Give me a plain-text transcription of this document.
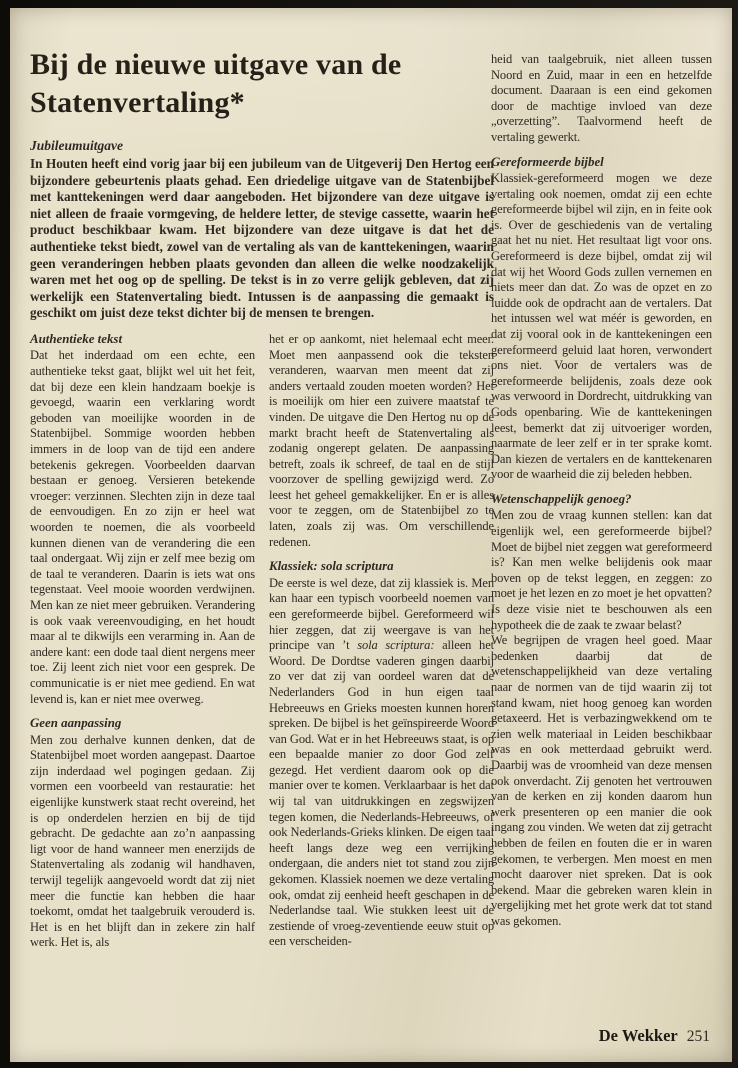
Bij de nieuwe uitgave van de Statenvertaling*
Jubileumuitgave

In Houten heeft eind vorig jaar bij een jubileum van de Uitgeverij Den Hertog een bijzondere gebeurtenis plaats gehad. Een driedelige uitgave van de Statenbijbel met kanttekeningen werd daar aangeboden. Het bijzondere van deze uitgave is niet alleen de fraaie vormgeving, de heldere letter, de stevige cassette, waarin het product beschikbaar kwam. Het bijzondere van deze uitgave is dat het de authentieke tekst biedt, zowel van de vertaling als van de kanttekeningen, waarin geen veranderingen hebben plaats gevonden dan alleen die welke noodzakelijk waren met het oog op de spelling. De tekst is in zo verre gelijk gebleven, dat zij werkelijk een Statenvertaling biedt. Intussen is de aanpassing die gemaakt is geschikt om juist deze tekst dichter bij de mensen te brengen.

Authentieke tekst

Dat het inderdaad om een echte, een authentieke tekst gaat, blijkt wel uit het feit, dat bij deze een klein handzaam boekje is gevoegd, waarin een verklaring wordt geboden van moeilijke woorden in de Statenbijbel. Sommige woorden hebben immers in de loop van de tijd een andere betekenis gekregen. Voorbeelden daarvan bestaan er genoeg. Versieren betekende vroeger: verzinnen. Slechten zijn in deze taal de eenvoudigen. En zo zijn er heel wat woorden te noemen, die als voorbeeld kunnen dienen van de verandering die een taal ondergaat. Wij zijn er zelf mee bezig om de taal te veranderen. Daarin is iets wat ons tegenstaat. Veel mooie woorden verdwijnen. Men kan ze niet meer gebruiken. Verandering is ook vaak vereenvoudiging, en het houdt maar al te dikwijls een verarming in. Aan de andere kant: een dode taal dient nergens meer toe. Zij leent zich niet voor een gesprek. De communicatie is er niet mee gediend. En wat levend is, kan er niet mee overweg.

Geen aanpassing

Men zou derhalve kunnen denken, dat de Statenbijbel moet worden aangepast. Daartoe zijn inderdaad wel pogingen gedaan. Zij vormen een voorbeeld van restauratie: het eigenlijke kunstwerk staat recht overeind, het is op onderdelen herzien en bij de tijd gebracht. De gedachte aan zo’n aanpassing ligt voor de hand wanneer men enerzijds de Statenvertaling als zodanig wil handhaven, terwijl tegelijk aangevoeld wordt dat zij niet meer die functie kan hebben die haar toekomt, omdat het taalgebruik verouderd is. Het is en het blijft dan in zekere zin half werk. Het is, als

het er op aankomt, niet helemaal echt meer. Moet men aanpassend ook die teksten veranderen, waarvan men meent dat zij anders vertaald zouden moeten worden? Het is moeilijk om hier een zuivere maatstaf te vinden. De uitgave die Den Hertog nu op de markt bracht heeft de Statenvertaling als zodanig ongerept gelaten. De aanpassing betreft, zoals ik schreef, de taal en de stijl voorzover de spelling gewijzigd werd. Zo leest het geheel gemakkelijker. En er is alles voor te zeggen, om de Statenbijbel zo te laten, zoals zij was. Om verschillende redenen.

Klassiek: sola scriptura

De eerste is wel deze, dat zij klassiek is. Men kan haar een typisch voorbeeld noemen van een gereformeerde bijbel. Gereformeerd wil hier zeggen, dat zij weergave is van het principe van ’t sola scriptura: alleen het Woord. De Dordtse vaderen gingen daarbij zo ver dat zij van oordeel waren dat de Nederlanders God in hun eigen taal Hebreeuws en Grieks moesten kunnen horen spreken. De bijbel is het geïnspireerde Woord van God. Wat er in het Hebreeuws staat, is op een bepaalde manier zo door God zelf gezegd. Het verdient daarom ook op die manier over te komen. Verklaarbaar is het dat wij tal van uitdrukkingen en zegswijzen tegen komen, die Nederlands-Hebreeuws, of ook Nederlands-Grieks klinken. De eigen taal heeft langs deze weg een verrijking ondergaan, die anders niet tot stand zou zijn gekomen. Klassiek noemen we deze vertaling ook, omdat zij eenheid heeft geschapen in de Nederlandse taal. Wie stukken leest uit de zestiende of vroeg-zeventiende eeuw stuit op een verscheiden-

heid van taalgebruik, niet alleen tussen Noord en Zuid, maar in een en hetzelfde document. Daaraan is een eind gekomen door de machtige invloed van deze „overzetting”. Taalvormend heeft de vertaling gewerkt.

Gereformeerde bijbel

Klassiek-gereformeerd mogen we deze vertaling ook noemen, omdat zij een echte gereformeerde bijbel wil zijn, en in feite ook is. Over de geschiedenis van de vertaling gaat het nu niet. Het resultaat ligt voor ons. Gereformeerd is deze bijbel, omdat zij wil dat wij het Woord Gods zullen vernemen en niets meer dan dat. Zo was de opzet en zo luidde ook de opdracht aan de vertalers. Dat het intussen wel wat méér is geworden, en dat zij vooral ook in de kanttekeningen een gereformeerd geluid laat horen, verwondert ons niet. Voor de vertalers was de gereformeerde belijdenis, zoals deze ook was verwoord in Dordrecht, uitdrukking van Gods openbaring. Wie de kanttekeningen leest, bemerkt dat zij uitvoeriger worden, naarmate de leer zelf er in ter sprake komt. Dan kiezen de vertalers en de kanttekenaren voor de waarheid die zij beleden hebben.

Wetenschappelijk genoeg?

Men zou de vraag kunnen stellen: kan dat eigenlijk wel, een gereformeerde bijbel? Moet de bijbel niet zeggen wat gereformeerd is? Kan men welke belijdenis ook maar boven op de tekst leggen, en zeggen: zo moet je het lezen en zo moet je het opvatten? Is deze visie niet te beschouwen als een hypotheek die de zaak te zwaar belast?

We begrijpen de vragen heel goed. Maar bedenken daarbij dat de wetenschappelijkheid van deze vertaling naar de normen van de tijd waarin zij tot stand kwam, niet hoog genoeg kan worden getaxeerd. Het is verbazingwekkend om te zien welk materiaal in Leiden beschikbaar was en ook metterdaad gebruikt werd. Daarbij was de vroomheid van deze mensen ook onverdacht. Zij genoten het vertrouwen van de kerken en zij konden daarom hun werk presenteren op een manier die ook ingang zou vinden. We weten dat zij getracht hebben de feilen en fouten die er in waren gekomen, te verbergen. Men moest en men mocht daarover niet spreken. Dat is ook bekend. Maar die gebreken waren klein in vergelijking met het grote werk dat tot stand was gekomen.

De Wekker 251
